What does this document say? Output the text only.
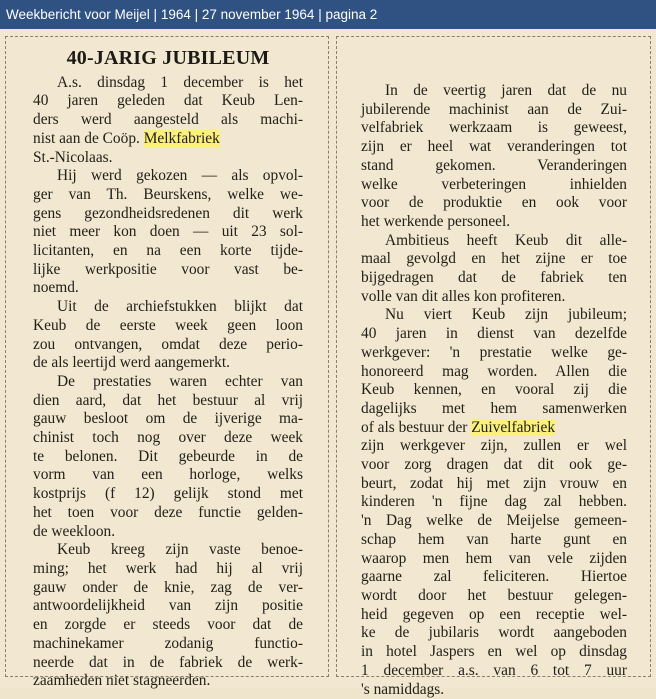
Weekbericht voor Meijel | 1964 | 27 november 1964 | pagina 2
40-JARIG JUBILEUM
A.s. dinsdag 1 december is het
40 jaren geleden dat Keub Len-
ders werd aangesteld als machi-
nist aan de Coöp. Melkfabriek
St.-Nicolaas.
Hij werd gekozen — als opvol-
ger van Th. Beurskens, welke we-
gens gezondheidsredenen dit werk
niet meer kon doen — uit 23 sol-
licitanten, en na een korte tijde-
lijke werkpositie voor vast be-
noemd.
Uit de archiefstukken blijkt dat
Keub de eerste week geen loon
zou ontvangen, omdat deze perio-
de als leertijd werd aangemerkt.
De prestaties waren echter van
dien aard, dat het bestuur al vrij
gauw besloot om de ijverige ma-
chinist toch nog over deze week
te belonen. Dit gebeurde in de
vorm van een horloge, welks
kostprijs (f 12) gelijk stond met
het toen voor deze functie gelden-
de weekloon.
Keub kreeg zijn vaste benoe-
ming; het werk had hij al vrij
gauw onder de knie, zag de ver-
antwoordelijkheid van zijn positie
en zorgde er steeds voor dat de
machinekamer zodanig functio-
neerde dat in de fabriek de werk-
zaamheden niet stagneerden.
In de veertig jaren dat de nu
jubilerende machinist aan de Zui-
velfabriek werkzaam is geweest,
zijn er heel wat veranderingen tot
stand gekomen. Veranderingen
welke verbeteringen inhielden
voor de produktie en ook voor
het werkende personeel.
Ambitieus heeft Keub dit alle-
maal gevolgd en het zijne er toe
bijgedragen dat de fabriek ten
volle van dit alles kon profiteren.
Nu viert Keub zijn jubileum;
40 jaren in dienst van dezelfde
werkgever: 'n prestatie welke ge-
honoreerd mag worden. Allen die
Keub kennen, en vooral zij die
dagelijks met hem samenwerken
of als bestuur der Zuivelfabriek
zijn werkgever zijn, zullen er wel
voor zorg dragen dat dit ook ge-
beurt, zodat hij met zijn vrouw en
kinderen 'n fijne dag zal hebben.
'n Dag welke de Meijelse gemeen-
schap hem van harte gunt en
waarop men hem van vele zijden
gaarne zal feliciteren. Hiertoe
wordt door het bestuur gelegen-
heid gegeven op een receptie wel-
ke de jubilaris wordt aangeboden
in hotel Jaspers en wel op dinsdag
1 december a.s. van 6 tot 7 uur
's namiddags.
